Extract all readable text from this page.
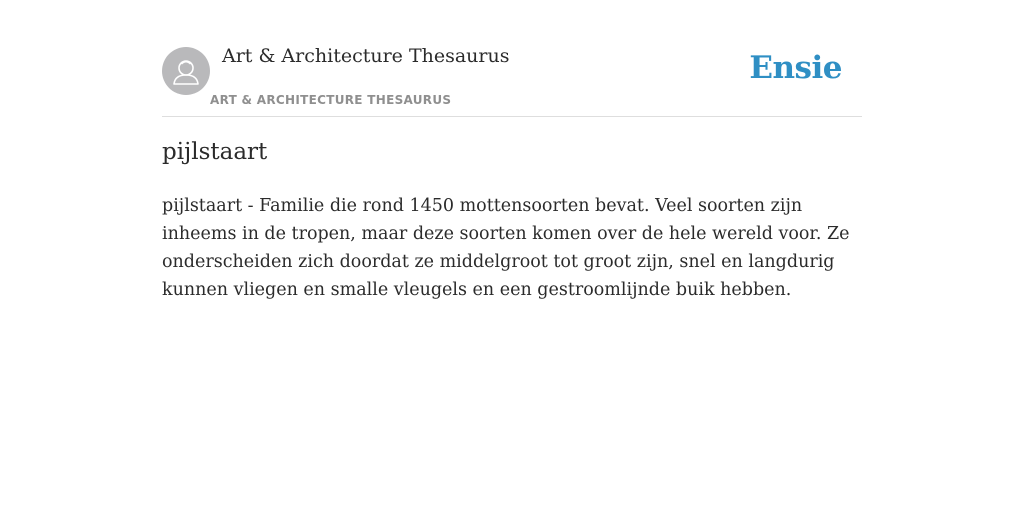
Art & Architecture Thesaurus
ART & ARCHITECTURE THESAURUS
Ensie
pijlstaart

pijlstaart - Familie die rond 1450 mottensoorten bevat. Veel soorten zijn inheems in de tropen, maar deze soorten komen over de hele wereld voor. Ze onderscheiden zich doordat ze middelgroot tot groot zijn, snel en langdurig kunnen vliegen en smalle vleugels en een gestroomlijnde buik hebben.
